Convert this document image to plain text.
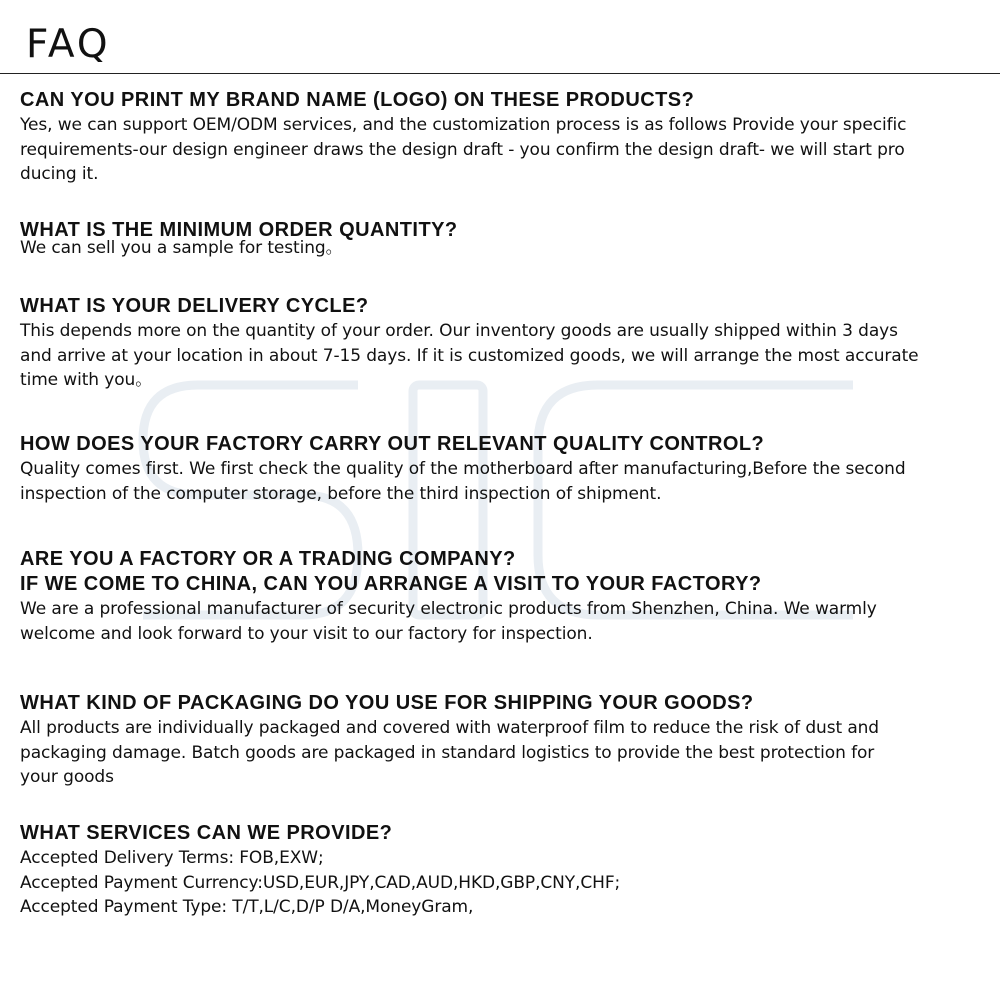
FAQ
CAN YOU PRINT MY BRAND NAME (LOGO) ON THESE PRODUCTS?

Yes, we can support OEM/ODM services, and the customization process is as follows Provide your specific
requirements-our design engineer draws the design draft - you confirm the design draft- we will start pro
ducing it.

WHAT IS THE MINIMUM ORDER QUANTITY?

We can sell you a sample for testing。

WHAT IS YOUR DELIVERY CYCLE?

This depends more on the quantity of your order. Our inventory goods are usually shipped within 3 days
and arrive at your location in about 7-15 days. If it is customized goods, we will arrange the most accurate
time with you。

HOW DOES YOUR FACTORY CARRY OUT RELEVANT QUALITY CONTROL?

Quality comes first. We first check the quality of the motherboard after manufacturing,Before the second
inspection of the computer storage, before the third inspection of shipment.

ARE YOU A FACTORY OR A TRADING COMPANY?
IF WE COME TO CHINA, CAN YOU ARRANGE A VISIT TO YOUR FACTORY?

We are a professional manufacturer of security electronic products from Shenzhen, China. We warmly
welcome and look forward to your visit to our factory for inspection.

WHAT KIND OF PACKAGING DO YOU USE FOR SHIPPING YOUR GOODS?

All products are individually packaged and covered with waterproof film to reduce the risk of dust and
packaging damage. Batch goods are packaged in standard logistics to provide the best protection for
your goods

WHAT SERVICES CAN WE PROVIDE?

Accepted Delivery Terms: FOB,EXW;
Accepted Payment Currency:USD,EUR,JPY,CAD,AUD,HKD,GBP,CNY,CHF;
Accepted Payment Type: T/T,L/C,D/P D/A,MoneyGram,
